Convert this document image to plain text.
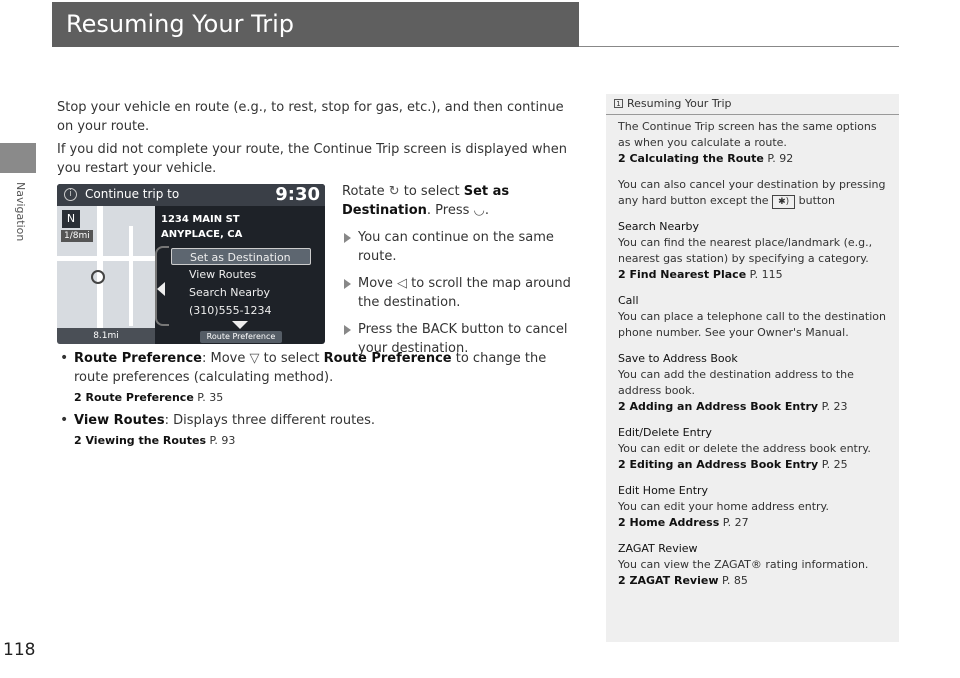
Navigation
118
Resuming Your Trip

Stop your vehicle en route (e.g., to rest, stop for gas, etc.), and then continue on your route.

If you did not complete your route, the Continue Trip screen is displayed when you restart your vehicle.

i	Continue trip to	9:30
N
1/8mi
8.1mi
1234 MAIN ST
ANYPLACE, CA
Set as Destination
View Routes
Search Nearby
(310)555-1234
Route Preference
Rotate ↻ to select Set as Destination. Press ◡.
You can continue on the same route.
Move ◁ to scroll the map around the destination.
Press the BACK button to cancel your destination.
• Route Preference: Move ▽ to select Route Preference to change the route preferences (calculating method).
2 Route Preference P. 35
• View Routes: Displays three different routes.
2 Viewing the Routes P. 93
1 Resuming Your Trip
The Continue Trip screen has the same options as when you calculate a route.
2 Calculating the Route P. 92
You can also cancel your destination by pressing any hard button except the ✱) button
Search Nearby
You can find the nearest place/landmark (e.g., nearest gas station) by specifying a category.
2 Find Nearest Place P. 115
Call
You can place a telephone call to the destination phone number. See your Owner's Manual.
Save to Address Book
You can add the destination address to the address book.
2 Adding an Address Book Entry P. 23
Edit/Delete Entry
You can edit or delete the address book entry.
2 Editing an Address Book Entry P. 25
Edit Home Entry
You can edit your home address entry.
2 Home Address P. 27
ZAGAT Review
You can view the ZAGAT® rating information.
2 ZAGAT Review P. 85
